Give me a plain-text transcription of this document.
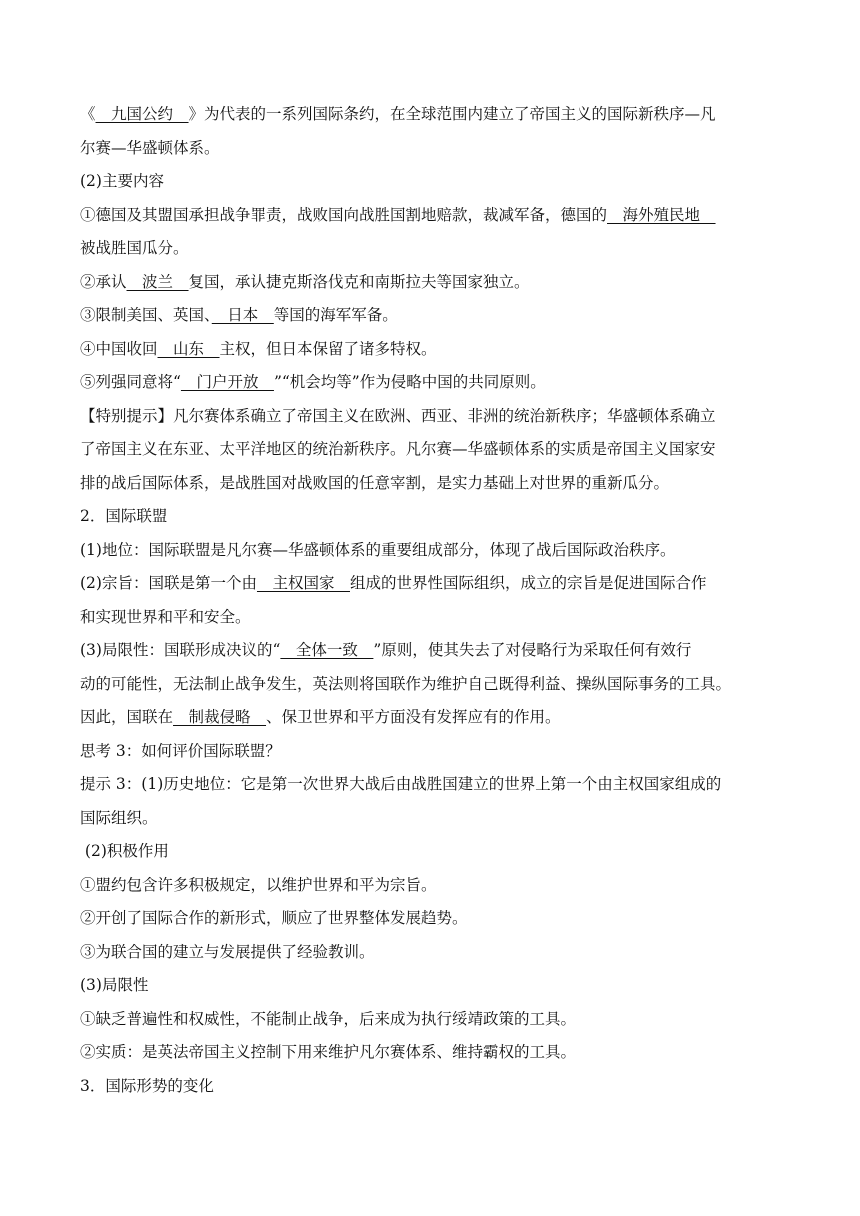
《　九国公约　》为代表的一系列国际条约，在全球范围内建立了帝国主义的国际新秩序—凡
尔赛—华盛顿体系。
(2)主要内容
①德国及其盟国承担战争罪责，战败国向战胜国割地赔款，裁减军备，德国的　海外殖民地　
被战胜国瓜分。
②承认　波兰　复国，承认捷克斯洛伐克和南斯拉夫等国家独立。
③限制美国、英国、　日本　等国的海军军备。
④中国收回　山东　主权，但日本保留了诸多特权。
⑤列强同意将“　门户开放　”“机会均等”作为侵略中国的共同原则。
【特别提示】凡尔赛体系确立了帝国主义在欧洲、西亚、非洲的统治新秩序；华盛顿体系确立
了帝国主义在东亚、太平洋地区的统治新秩序。凡尔赛—华盛顿体系的实质是帝国主义国家安
排的战后国际体系，是战胜国对战败国的任意宰割，是实力基础上对世界的重新瓜分。
2．国际联盟
(1)地位：国际联盟是凡尔赛—华盛顿体系的重要组成部分，体现了战后国际政治秩序。
(2)宗旨：国联是第一个由　主权国家　组成的世界性国际组织，成立的宗旨是促进国际合作
和实现世界和平和安全。
(3)局限性：国联形成决议的“　全体一致　”原则，使其失去了对侵略行为采取任何有效行
动的可能性，无法制止战争发生，英法则将国联作为维护自己既得利益、操纵国际事务的工具。
因此，国联在　制裁侵略　、保卫世界和平方面没有发挥应有的作用。
思考 3：如何评价国际联盟？
提示 3：(1)历史地位：它是第一次世界大战后由战胜国建立的世界上第一个由主权国家组成的
国际组织。
(2)积极作用
①盟约包含许多积极规定，以维护世界和平为宗旨。
②开创了国际合作的新形式，顺应了世界整体发展趋势。
③为联合国的建立与发展提供了经验教训。
(3)局限性
①缺乏普遍性和权威性，不能制止战争，后来成为执行绥靖政策的工具。
②实质：是英法帝国主义控制下用来维护凡尔赛体系、维持霸权的工具。
3．国际形势的变化
